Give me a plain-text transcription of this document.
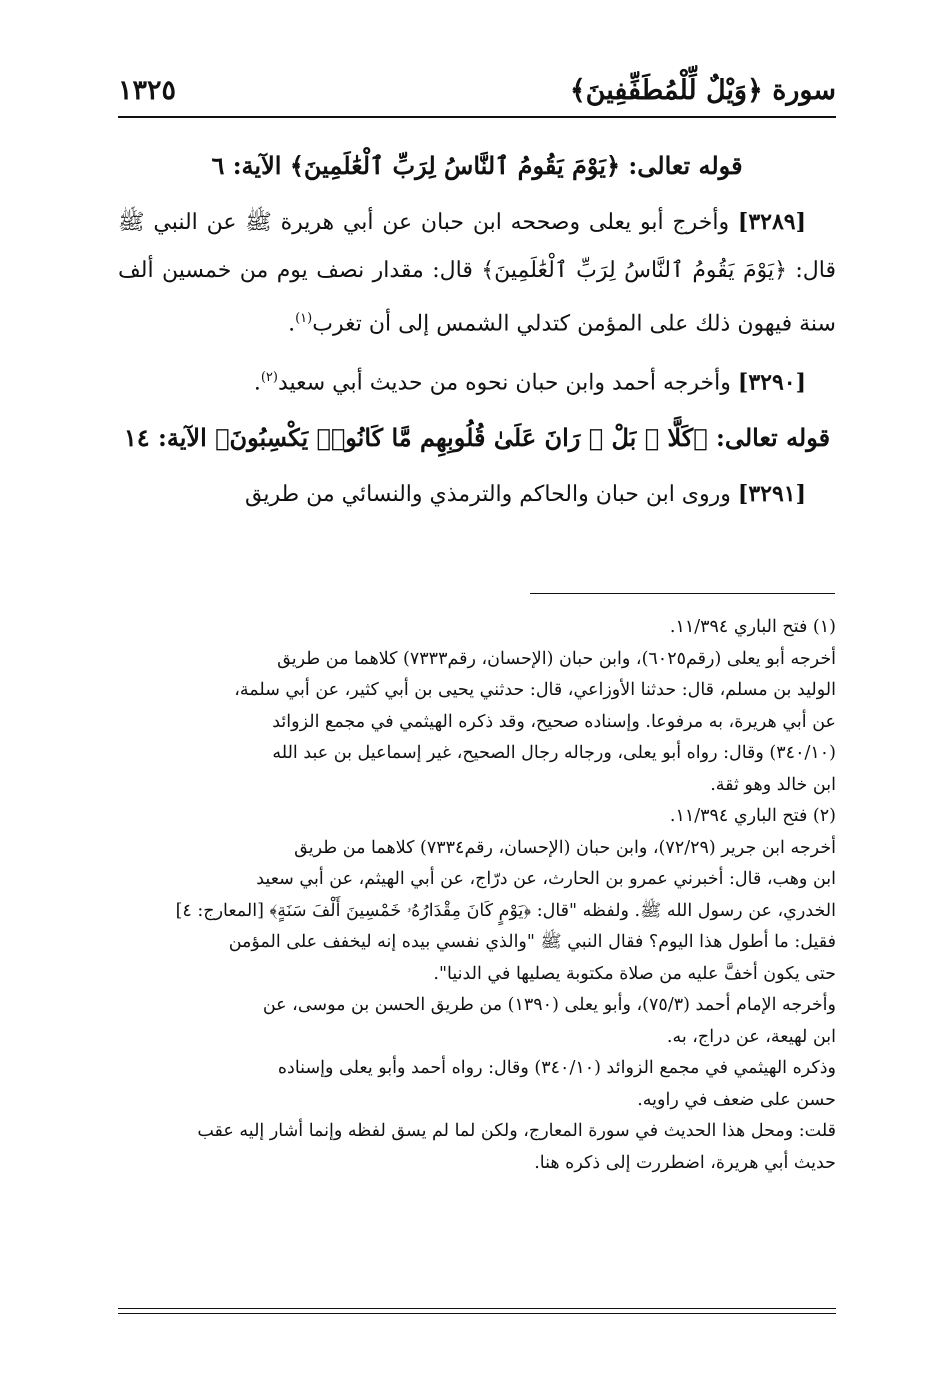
سورة ﴿وَيْلٌ لِّلْمُطَفِّفِينَ﴾
١٣٢٥
قوله تعالى: ﴿يَوْمَ يَقُومُ ٱلنَّاسُ لِرَبِّ ٱلْعَٰلَمِينَ﴾ الآية: ٦
[٣٢٨٩] وأخرج أبو يعلى وصححه ابن حبان عن أبي هريرة ﷺ عن النبي ﷺ قال: ﴿يَوْمَ يَقُومُ ٱلنَّاسُ لِرَبِّ ٱلْعَٰلَمِينَ﴾ قال: مقدار نصف يوم من خمسين ألف سنة فيهون ذلك على المؤمن كتدلي الشمس إلى أن تغرب$^{(١)}$.
[٣٢٩٠] وأخرجه أحمد وابن حبان نحوه من حديث أبي سعيد$^{(٢)}$.
قوله تعالى: ﴿كَلَّا ۖ بَلْ ۜ رَانَ عَلَىٰ قُلُوبِهِم مَّا كَانُوا۟ يَكْسِبُونَ﴾ الآية: ١٤
[٣٢٩١] وروى ابن حبان والحاكم والترمذي والنسائي من طريق
(١) فتح الباري ١١/٣٩٤.
أخرجه أبو يعلى (رقم٦٠٢٥)، وابن حبان (الإحسان، رقم٧٣٣٣) كلاهما من طريق
الوليد بن مسلم، قال: حدثنا الأوزاعي، قال: حدثني يحيى بن أبي كثير، عن أبي سلمة،
عن أبي هريرة، به مرفوعا. وإسناده صحيح، وقد ذكره الهيثمي في مجمع الزوائد
(٣٤٠/١٠) وقال: رواه أبو يعلى، ورجاله رجال الصحيح، غير إسماعيل بن عبد الله
ابن خالد وهو ثقة.
(٢) فتح الباري ١١/٣٩٤.
أخرجه ابن جرير (٧٢/٢٩)، وابن حبان (الإحسان، رقم٧٣٣٤) كلاهما من طريق
ابن وهب، قال: أخبرني عمرو بن الحارث، عن درّاج، عن أبي الهيثم، عن أبي سعيد
الخدري، عن رسول الله ﷺ. ولفظه "قال: ﴿يَوْمٍ كَانَ مِقْدَارُهُۥ خَمْسِينَ أَلْفَ سَنَةٍ﴾ [المعارج: ٤]
فقيل: ما أطول هذا اليوم؟ فقال النبي ﷺ "والذي نفسي بيده إنه ليخفف على المؤمن
حتى يكون أخفَّ عليه من صلاة مكتوبة يصليها في الدنيا".
وأخرجه الإمام أحمد (٧٥/٣)، وأبو يعلى (١٣٩٠) من طريق الحسن بن موسى، عن
ابن لهيعة، عن دراج، به.
وذكره الهيثمي في مجمع الزوائد (٣٤٠/١٠) وقال: رواه أحمد وأبو يعلى وإسناده
حسن على ضعف في راويه.
قلت: ومحل هذا الحديث في سورة المعارج، ولكن لما لم يسق لفظه وإنما أشار إليه عقب
حديث أبي هريرة، اضطررت إلى ذكره هنا.
